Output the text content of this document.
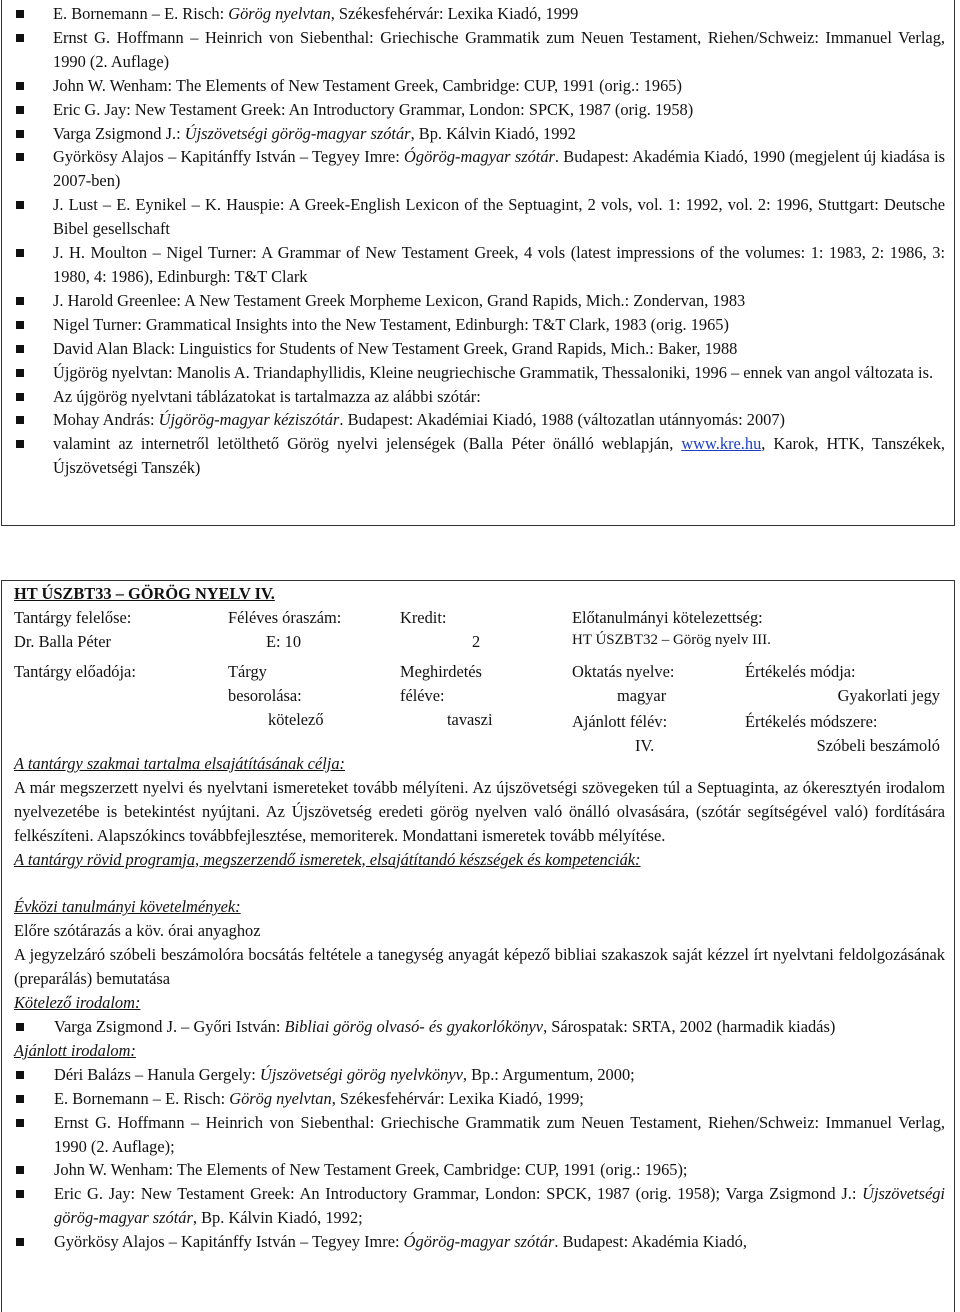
E. Bornemann – E. Risch: Görög nyelvtan, Székesfehérvár: Lexika Kiadó, 1999
Ernst G. Hoffmann – Heinrich von Siebenthal: Griechische Grammatik zum Neuen Testament, Riehen/Schweiz: Immanuel Verlag, 1990 (2. Auflage)
John W. Wenham: The Elements of New Testament Greek, Cambridge: CUP, 1991 (orig.: 1965)
Eric G. Jay: New Testament Greek: An Introductory Grammar, London: SPCK, 1987 (orig. 1958)
Varga Zsigmond J.: Újszövetségi görög-magyar szótár, Bp. Kálvin Kiadó, 1992
Györkösy Alajos – Kapitánffy István – Tegyey Imre: Ógörög-magyar szótár. Budapest: Akadémia Kiadó, 1990 (megjelent új kiadása is 2007-ben)
J. Lust – E. Eynikel – K. Hauspie: A Greek-English Lexicon of the Septuagint, 2 vols, vol. 1: 1992, vol. 2: 1996, Stuttgart: Deutsche Bibel gesellschaft
J. H. Moulton – Nigel Turner: A Grammar of New Testament Greek, 4 vols (latest impressions of the volumes: 1: 1983, 2: 1986, 3: 1980, 4: 1986), Edinburgh: T&T Clark
J. Harold Greenlee: A New Testament Greek Morpheme Lexicon, Grand Rapids, Mich.: Zondervan, 1983
Nigel Turner: Grammatical Insights into the New Testament, Edinburgh: T&T Clark, 1983 (orig. 1965)
David Alan Black: Linguistics for Students of New Testament Greek, Grand Rapids, Mich.: Baker, 1988
Újgörög nyelvtan: Manolis A. Triandaphyllidis, Kleine neugriechische Grammatik, Thessaloniki, 1996 – ennek van angol változata is.
Az újgörög nyelvtani táblázatokat is tartalmazza az alábbi szótár:
Mohay András: Újgörög-magyar kéziszótár. Budapest: Akadémiai Kiadó, 1988 (változatlan utánnyomás: 2007)
valamint az internetről letölthető Görög nyelvi jelenségek (Balla Péter önálló weblapján, www.kre.hu, Karok, HTK, Tanszékek, Újszövetségi Tanszék)
HT ÚSZBT33 – GÖRÖG NYELV IV.
Tantárgy felelőse:
Dr. Balla Péter
Féléves óraszám:
E: 10
Kredit:
2
Előtanulmányi kötelezettség:
HT ÚSZBT32 – Görög nyelv III.
Tantárgy előadója:	Tárgy besorolása:
kötelező
Meghirdetés féléve:
tavaszi
Oktatás nyelve:
magyar
Ajánlott félév:
IV.
Értékelés módja:
Gyakorlati jegy
Értékelés módszere:
Szóbeli beszámoló
A tantárgy szakmai tartalma elsajátításának célja:
A már megszerzett nyelvi és nyelvtani ismereteket tovább mélyíteni. Az újszövetségi szövegeken túl a Septuaginta, az ókeresztyén irodalom nyelvezetébe is betekintést nyújtani. Az Újszövetség eredeti görög nyelven való önálló olvasására, (szótár segítségével való) fordítására felkészíteni. Alapszókincs továbbfejlesztése, memoriterek. Mondattani ismeretek tovább mélyítése.
A tantárgy rövid programja, megszerzendő ismeretek, elsajátítandó készségek és kompetenciák:
Évközi tanulmányi követelmények:
Előre szótárazás a köv. órai anyaghoz
A jegyzelzáró szóbeli beszámolóra bocsátás feltétele a tanegység anyagát képező bibliai szakaszok saját kézzel írt nyelvtani feldolgozásának (preparálás) bemutatása
Kötelező irodalom:
Varga Zsigmond J. – Győri István: Bibliai görög olvasó- és gyakorlókönyv, Sárospatak: SRTA, 2002 (harmadik kiadás)
Ajánlott irodalom:
Déri Balázs – Hanula Gergely: Újszövetségi görög nyelvkönyv, Bp.: Argumentum, 2000;
E. Bornemann – E. Risch: Görög nyelvtan, Székesfehérvár: Lexika Kiadó, 1999;
Ernst G. Hoffmann – Heinrich von Siebenthal: Griechische Grammatik zum Neuen Testament, Riehen/Schweiz: Immanuel Verlag, 1990 (2. Auflage);
John W. Wenham: The Elements of New Testament Greek, Cambridge: CUP, 1991 (orig.: 1965);
Eric G. Jay: New Testament Greek: An Introductory Grammar, London: SPCK, 1987 (orig. 1958); Varga Zsigmond J.: Újszövetségi görög-magyar szótár, Bp. Kálvin Kiadó, 1992;
Györkösy Alajos – Kapitánffy István – Tegyey Imre: Ógörög-magyar szótár. Budapest: Akadémia Kiadó,
